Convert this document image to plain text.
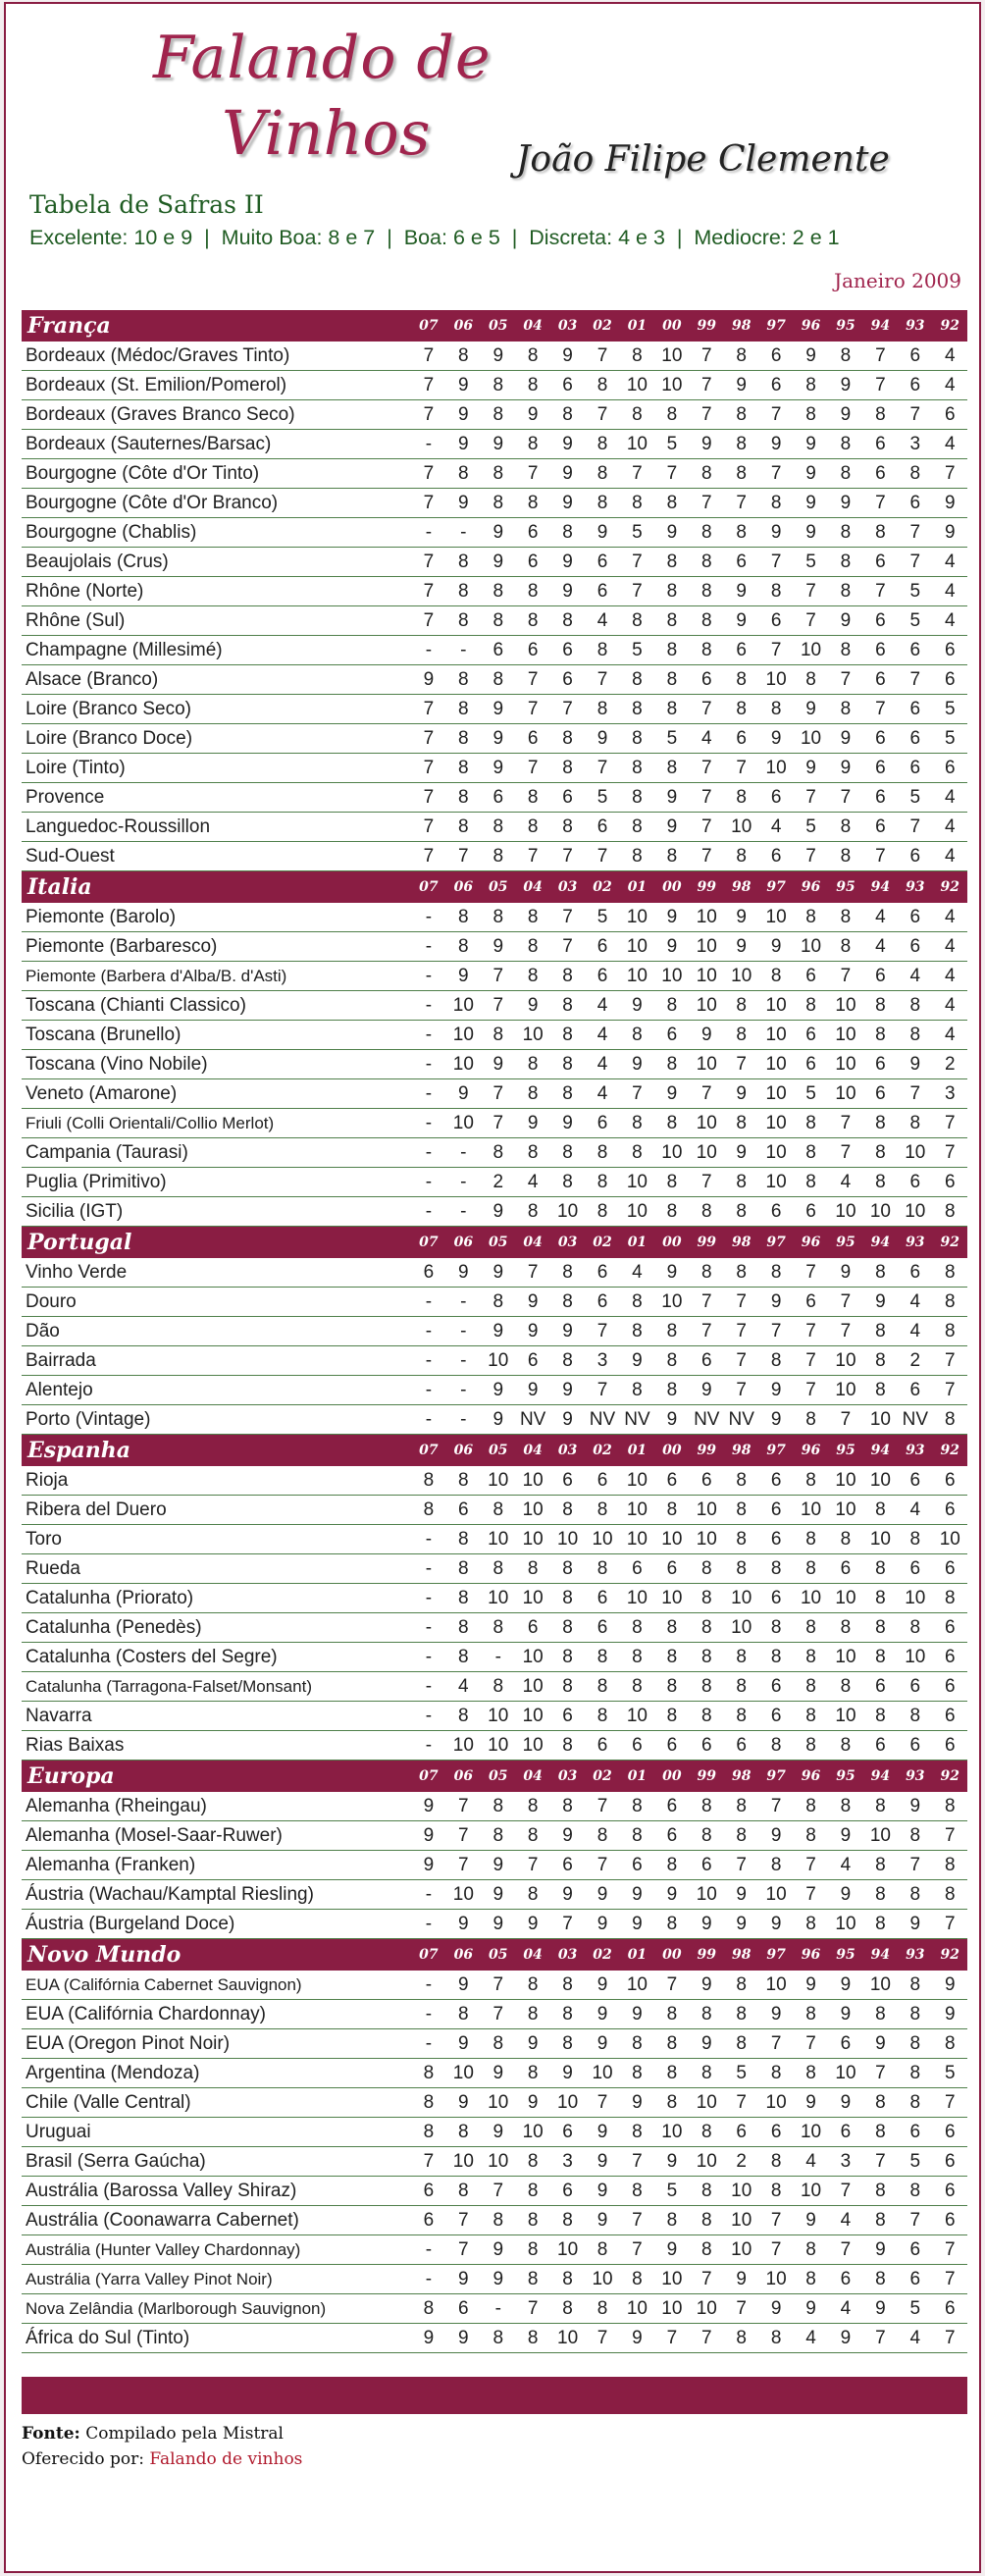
Falando de
Vinhos João Filipe Clemente
Tabela de Safras II
Excelente: 10 e 9  |  Muito Boa: 8 e 7  |  Boa: 6 e 5  |  Discreta: 4 e 3  |  Mediocre: 2 e 1
Janeiro 2009
França	07	06	05	04	03	02	01	00	99	98	97	96	95	94	93	92
Bordeaux (Médoc/Graves Tinto)	7	8	9	8	9	7	8	10	7	8	6	9	8	7	6	4
Bordeaux (St. Emilion/Pomerol)	7	9	8	8	6	8	10	10	7	9	6	8	9	7	6	4
Bordeaux (Graves Branco Seco)	7	9	8	9	8	7	8	8	7	8	7	8	9	8	7	6
Bordeaux (Sauternes/Barsac)	-	9	9	8	9	8	10	5	9	8	9	9	8	6	3	4
Bourgogne (Côte d'Or Tinto)	7	8	8	7	9	8	7	7	8	8	7	9	8	6	8	7
Bourgogne (Côte d'Or Branco)	7	9	8	8	9	8	8	8	7	7	8	9	9	7	6	9
Bourgogne (Chablis)	-	-	9	6	8	9	5	9	8	8	9	9	8	8	7	9
Beaujolais (Crus)	7	8	9	6	9	6	7	8	8	6	7	5	8	6	7	4
Rhône (Norte)	7	8	8	8	9	6	7	8	8	9	8	7	8	7	5	4
Rhône (Sul)	7	8	8	8	8	4	8	8	8	9	6	7	9	6	5	4
Champagne (Millesimé)	-	-	6	6	6	8	5	8	8	6	7	10	8	6	6	6
Alsace (Branco)	9	8	8	7	6	7	8	8	6	8	10	8	7	6	7	6
Loire (Branco Seco)	7	8	9	7	7	8	8	8	7	8	8	9	8	7	6	5
Loire (Branco Doce)	7	8	9	6	8	9	8	5	4	6	9	10	9	6	6	5
Loire (Tinto)	7	8	9	7	8	7	8	8	7	7	10	9	9	6	6	6
Provence	7	8	6	8	6	5	8	9	7	8	6	7	7	6	5	4
Languedoc-Roussillon	7	8	8	8	8	6	8	9	7	10	4	5	8	6	7	4
Sud-Ouest	7	7	8	7	7	7	8	8	7	8	6	7	8	7	6	4
Italia	07	06	05	04	03	02	01	00	99	98	97	96	95	94	93	92
Piemonte (Barolo)	-	8	8	8	7	5	10	9	10	9	10	8	8	4	6	4
Piemonte (Barbaresco)	-	8	9	8	7	6	10	9	10	9	9	10	8	4	6	4
Piemonte (Barbera d'Alba/B. d'Asti)	-	9	7	8	8	6	10	10	10	10	8	6	7	6	4	4
Toscana (Chianti Classico)	-	10	7	9	8	4	9	8	10	8	10	8	10	8	8	4
Toscana (Brunello)	-	10	8	10	8	4	8	6	9	8	10	6	10	8	8	4
Toscana (Vino Nobile)	-	10	9	8	8	4	9	8	10	7	10	6	10	6	9	2
Veneto (Amarone)	-	9	7	8	8	4	7	9	7	9	10	5	10	6	7	3
Friuli (Colli Orientali/Collio Merlot)	-	10	7	9	9	6	8	8	10	8	10	8	7	8	8	7
Campania (Taurasi)	-	-	8	8	8	8	8	10	10	9	10	8	7	8	10	7
Puglia (Primitivo)	-	-	2	4	8	8	10	8	7	8	10	8	4	8	6	6
Sicilia (IGT)	-	-	9	8	10	8	10	8	8	8	6	6	10	10	10	8
Portugal	07	06	05	04	03	02	01	00	99	98	97	96	95	94	93	92
Vinho Verde	6	9	9	7	8	6	4	9	8	8	8	7	9	8	6	8
Douro	-	-	8	9	8	6	8	10	7	7	9	6	7	9	4	8
Dão	-	-	9	9	9	7	8	8	7	7	7	7	7	8	4	8
Bairrada	-	-	10	6	8	3	9	8	6	7	8	7	10	8	2	7
Alentejo	-	-	9	9	9	7	8	8	9	7	9	7	10	8	6	7
Porto (Vintage)	-	-	9	NV	9	NV	NV	9	NV	NV	9	8	7	10	NV	8
Espanha	07	06	05	04	03	02	01	00	99	98	97	96	95	94	93	92
Rioja	8	8	10	10	6	6	10	6	6	8	6	8	10	10	6	6
Ribera del Duero	8	6	8	10	8	8	10	8	10	8	6	10	10	8	4	6
Toro	-	8	10	10	10	10	10	10	10	8	6	8	8	10	8	10
Rueda	-	8	8	8	8	8	6	6	8	8	8	8	6	8	6	6
Catalunha (Priorato)	-	8	10	10	8	6	10	10	8	10	6	10	10	8	10	8
Catalunha (Penedès)	-	8	8	6	8	6	8	8	8	10	8	8	8	8	8	6
Catalunha (Costers del Segre)	-	8	-	10	8	8	8	8	8	8	8	8	10	8	10	6
Catalunha (Tarragona-Falset/Monsant)	-	4	8	10	8	8	8	8	8	8	6	8	8	6	6	6
Navarra	-	8	10	10	6	8	10	8	8	8	6	8	10	8	8	6
Rias Baixas	-	10	10	10	8	6	6	6	6	6	8	8	8	6	6	6
Europa	07	06	05	04	03	02	01	00	99	98	97	96	95	94	93	92
Alemanha (Rheingau)	9	7	8	8	8	7	8	6	8	8	7	8	8	8	9	8
Alemanha (Mosel-Saar-Ruwer)	9	7	8	8	9	8	8	6	8	8	9	8	9	10	8	7
Alemanha (Franken)	9	7	9	7	6	7	6	8	6	7	8	7	4	8	7	8
Áustria (Wachau/Kamptal Riesling)	-	10	9	8	9	9	9	9	10	9	10	7	9	8	8	8
Áustria (Burgeland Doce)	-	9	9	9	7	9	9	8	9	9	9	8	10	8	9	7
Novo Mundo	07	06	05	04	03	02	01	00	99	98	97	96	95	94	93	92
EUA (Califórnia Cabernet Sauvignon)	-	9	7	8	8	9	10	7	9	8	10	9	9	10	8	9
EUA (Califórnia Chardonnay)	-	8	7	8	8	9	9	8	8	8	9	8	9	8	8	9
EUA (Oregon Pinot Noir)	-	9	8	9	8	9	8	8	9	8	7	7	6	9	8	8
Argentina (Mendoza)	8	10	9	8	9	10	8	8	8	5	8	8	10	7	8	5
Chile (Valle Central)	8	9	10	9	10	7	9	8	10	7	10	9	9	8	8	7
Uruguai	8	8	9	10	6	9	8	10	8	6	6	10	6	8	6	6
Brasil (Serra Gaúcha)	7	10	10	8	3	9	7	9	10	2	8	4	3	7	5	6
Austrália (Barossa Valley Shiraz)	6	8	7	8	6	9	8	5	8	10	8	10	7	8	8	6
Austrália (Coonawarra Cabernet)	6	7	8	8	8	9	7	8	8	10	7	9	4	8	7	6
Austrália (Hunter Valley Chardonnay)	-	7	9	8	10	8	7	9	8	10	7	8	7	9	6	7
Austrália (Yarra Valley Pinot Noir)	-	9	9	8	8	10	8	10	7	9	10	8	6	8	6	7
Nova Zelândia (Marlborough Sauvignon)	8	6	-	7	8	8	10	10	10	7	9	9	4	9	5	6
África do Sul (Tinto)	9	9	8	8	10	7	9	7	7	8	8	4	9	7	4	7
Fonte: Compilado pela Mistral
Oferecido por: Falando de vinhos
